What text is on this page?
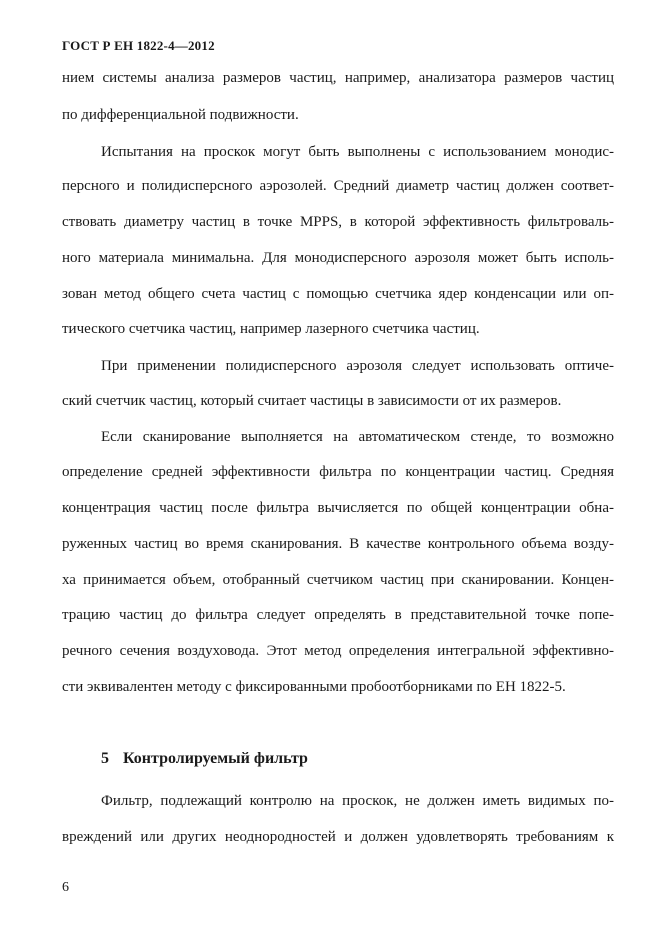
ГОСТ Р ЕН 1822-4—2012
нием системы анализа размеров частиц, например, анализатора размеров частиц
по дифференциальной подвижности.
Испытания на проскок могут быть выполнены с использованием монодис-
персного и полидисперсного аэрозолей. Средний диаметр частиц должен соответ-
ствовать диаметру частиц в точке MPPS, в которой эффективность фильтроваль-
ного материала минимальна. Для монодисперсного аэрозоля может быть исполь-
зован метод общего счета частиц с помощью счетчика ядер конденсации или оп-
тического счетчика частиц, например лазерного счетчика частиц.
При применении полидисперсного аэрозоля следует использовать оптиче-
ский счетчик частиц, который считает частицы в зависимости от их размеров.
Если сканирование выполняется на автоматическом стенде, то возможно
определение средней эффективности фильтра по концентрации частиц. Средняя
концентрация частиц после фильтра вычисляется по общей концентрации обна-
руженных частиц во время сканирования. В качестве контрольного объема возду-
ха принимается объем, отобранный счетчиком частиц при сканировании. Концен-
трацию частиц до фильтра следует определять в представительной точке попе-
речного сечения воздуховода. Этот метод определения интегральной эффективно-
сти эквивалентен методу с фиксированными пробоотборниками по ЕН 1822-5.
5 Контролируемый фильтр
Фильтр, подлежащий контролю на проскок, не должен иметь видимых по-
вреждений или других неоднородностей и должен удовлетворять требованиям к
6
